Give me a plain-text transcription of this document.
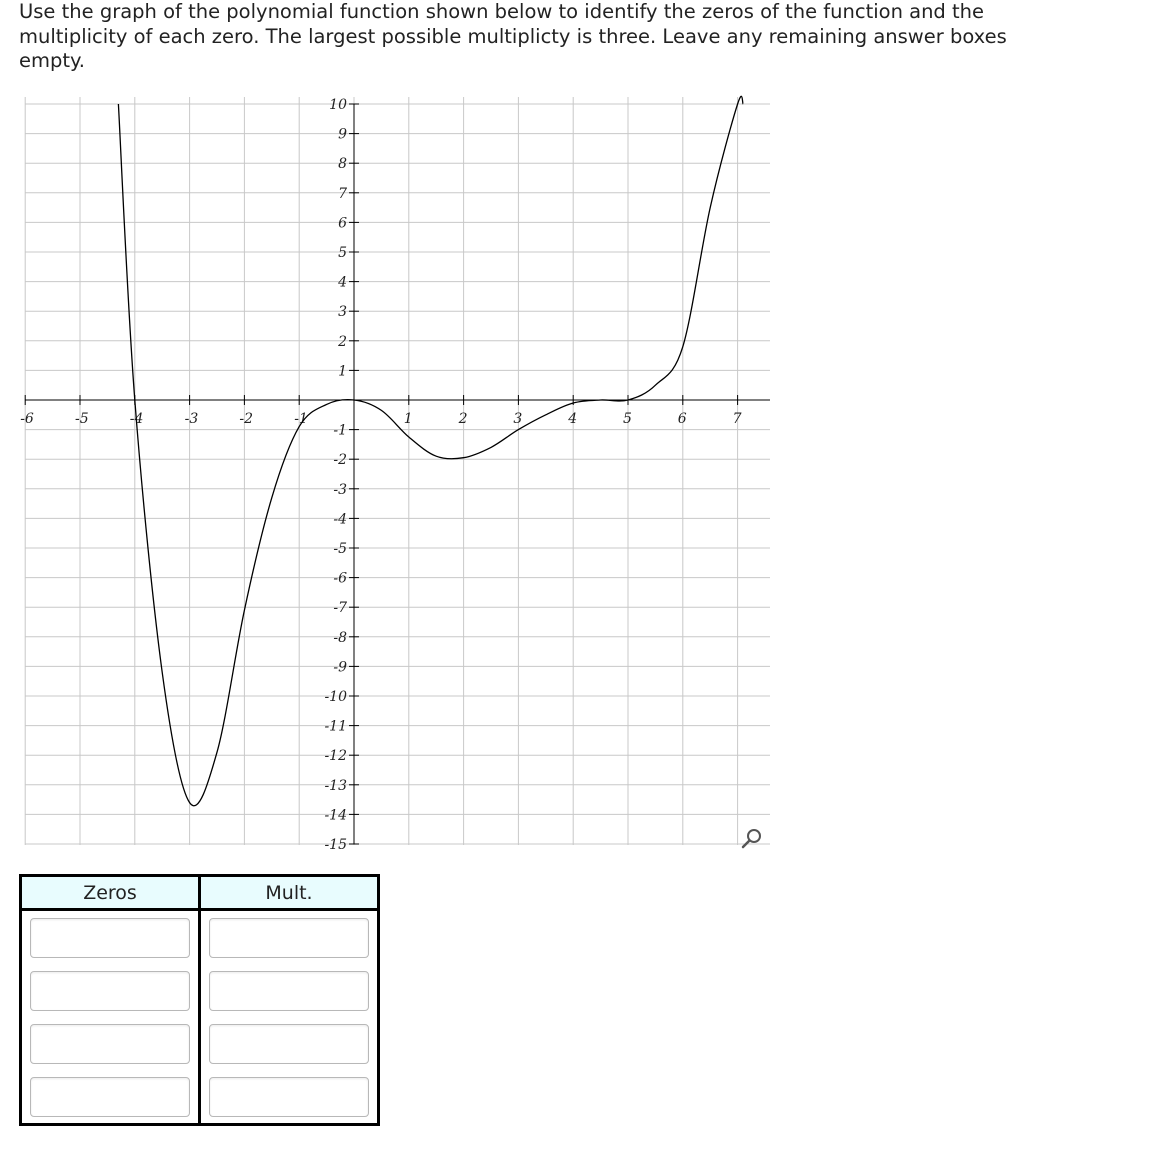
Use the graph of the polynomial function shown below to identify the zeros of the function and the multiplicity of each zero. The largest possible multiplicty is three. Leave any remaining answer boxes empty.
-6	-5	-4	-3	-2	-1	1	2	3	4	5	6	7
10
9
8
7
6
5
4
3
2
1
-1
-2
-3
-4
-5
-6
-7
-8
-9
-10
-11
-12
-13
-14
-15
Zeros	Mult.
